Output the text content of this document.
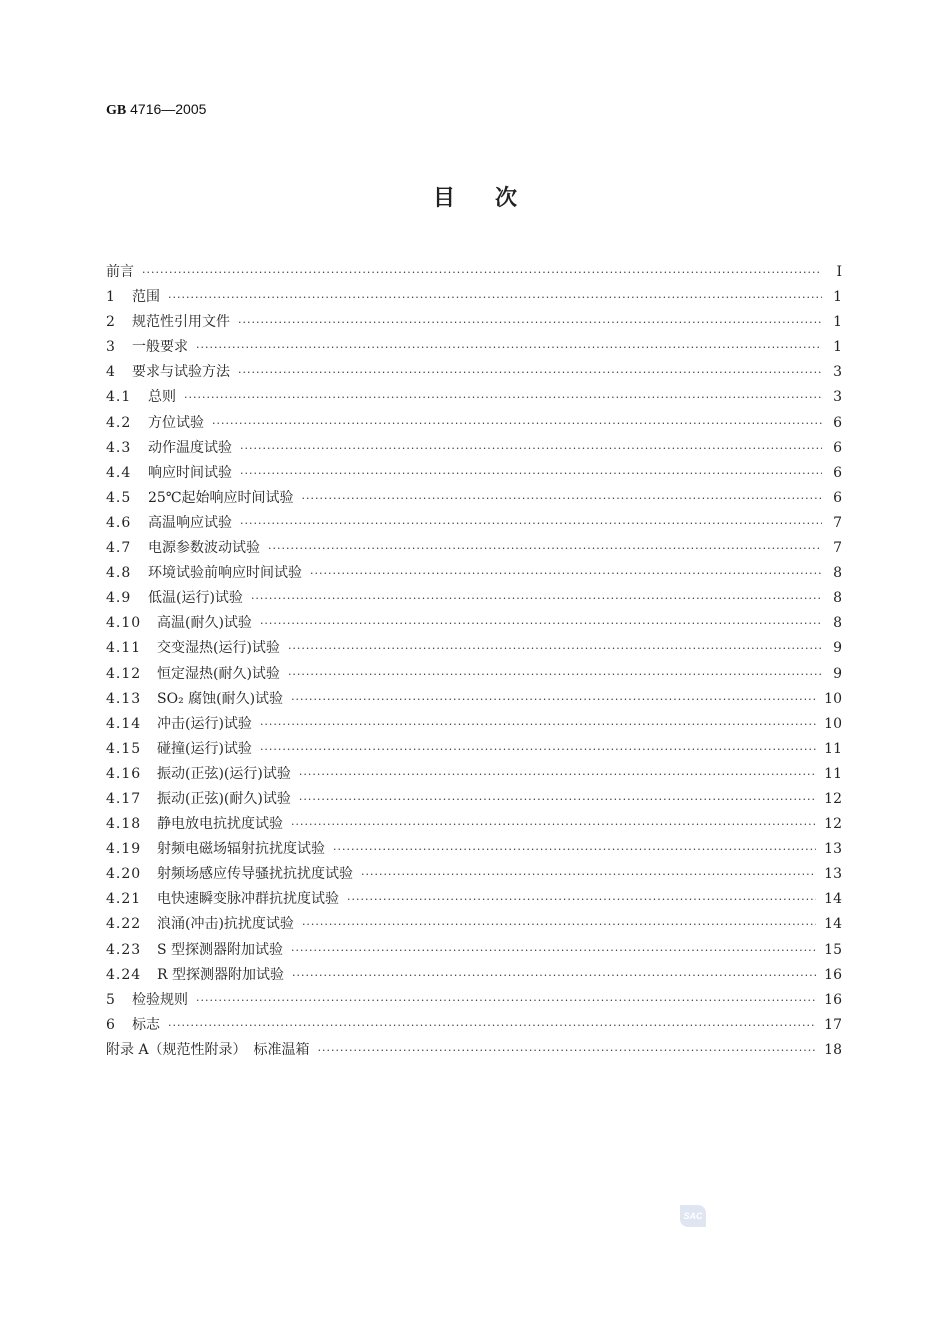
GB 4716—2005
目次
前言 ·····	I
1	范围 ·····	1
2	规范性引用文件 ·····	1
3	一般要求 ·····	1
4	要求与试验方法 ·····	3
4.1	总则 ·····	3
4.2	方位试验 ·····	6
4.3	动作温度试验 ·····	6
4.4	响应时间试验 ·····	6
4.5	25℃起始响应时间试验 ·····	6
4.6	高温响应试验 ·····	7
4.7	电源参数波动试验 ·····	7
4.8	环境试验前响应时间试验 ·····	8
4.9	低温(运行)试验 ·····	8
4.10	高温(耐久)试验 ·····	8
4.11	交变湿热(运行)试验 ·····	9
4.12	恒定湿热(耐久)试验 ·····	9
4.13	SO₂ 腐蚀(耐久)试验 ·····	10
4.14	冲击(运行)试验 ·····	10
4.15	碰撞(运行)试验 ·····	11
4.16	振动(正弦)(运行)试验 ·····	11
4.17	振动(正弦)(耐久)试验 ·····	12
4.18	静电放电抗扰度试验 ·····	12
4.19	射频电磁场辐射抗扰度试验 ·····	13
4.20	射频场感应传导骚扰抗扰度试验 ·····	13
4.21	电快速瞬变脉冲群抗扰度试验 ·····	14
4.22	浪涌(冲击)抗扰度试验 ·····	14
4.23	S 型探测器附加试验 ·····	15
4.24	R 型探测器附加试验 ·····	16
5	检验规则 ·····	16
6	标志 ·····	17
附录 A（规范性附录）　标准温箱 ·····	18
SAC
